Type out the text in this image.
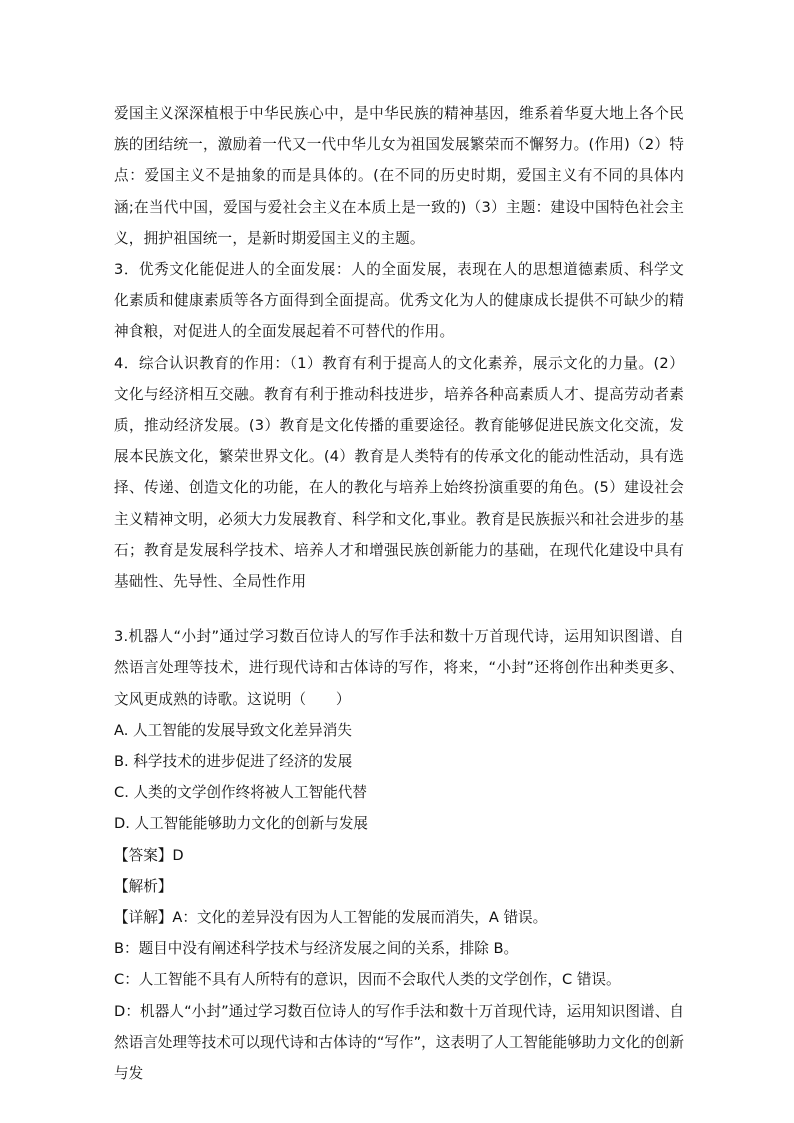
爱国主义深深植根于中华民族心中，是中华民族的精神基因，维系着华夏大地上各个民族的团结统一，激励着一代又一代中华儿女为祖国发展繁荣而不懈努力。(作用)（2）特点：爱国主义不是抽象的而是具体的。(在不同的历史时期，爱国主义有不同的具体内涵;在当代中国，爱国与爱社会主义在本质上是一致的)（3）主题：建设中国特色社会主义，拥护祖国统一，是新时期爱国主义的主题。

3．优秀文化能促进人的全面发展：人的全面发展，表现在人的思想道德素质、科学文化素质和健康素质等各方面得到全面提高。优秀文化为人的健康成长提供不可缺少的精神食粮，对促进人的全面发展起着不可替代的作用。

4．综合认识教育的作用：（1）教育有利于提高人的文化素养，展示文化的力量。(2）文化与经济相互交融。教育有利于推动科技进步，培养各种高素质人才、提高劳动者素质，推动经济发展。(3）教育是文化传播的重要途径。教育能够促进民族文化交流，发展本民族文化，繁荣世界文化。(4）教育是人类特有的传承文化的能动性活动，具有选择、传递、创造文化的功能，在人的教化与培养上始终扮演重要的角色。(5）建设社会主义精神文明，必须大力发展教育、科学和文化,事业。教育是民族振兴和社会进步的基石；教育是发展科学技术、培养人才和增强民族创新能力的基础，在现代化建设中具有基础性、先导性、全局性作用

3.机器人“小封”通过学习数百位诗人的写作手法和数十万首现代诗，运用知识图谱、自然语言处理等技术，进行现代诗和古体诗的写作，将来，“小封”还将创作出种类更多、文风更成熟的诗歌。这说明（　　）

A. 人工智能的发展导致文化差异消失

B. 科学技术的进步促进了经济的发展

C. 人类的文学创作终将被人工智能代替

D. 人工智能能够助力文化的创新与发展

【答案】D

【解析】

【详解】A：文化的差异没有因为人工智能的发展而消失，A 错误。

B：题目中没有阐述科学技术与经济发展之间的关系，排除 B。

C：人工智能不具有人所特有的意识，因而不会取代人类的文学创作，C 错误。

D：机器人“小封”通过学习数百位诗人的写作手法和数十万首现代诗，运用知识图谱、自然语言处理等技术可以现代诗和古体诗的“写作”，这表明了人工智能能够助力文化的创新与发
